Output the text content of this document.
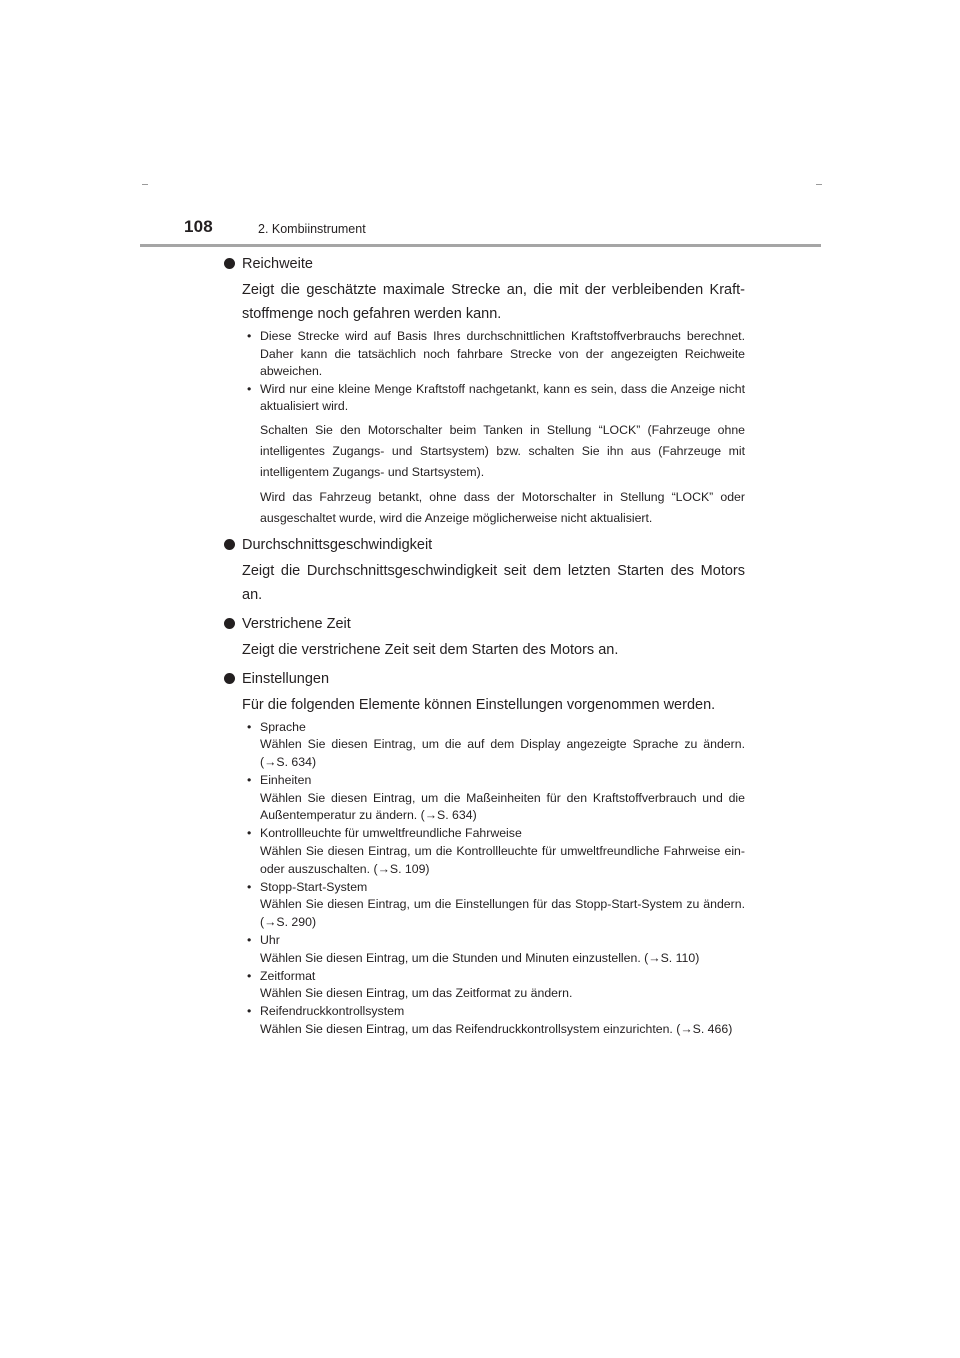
108	2. Kombiinstrument
Reichweite
Zeigt die geschätzte maximale Strecke an, die mit der verbleibenden Kraftstoffmenge noch gefahren werden kann.
• Diese Strecke wird auf Basis Ihres durchschnittlichen Kraftstoffverbrauchs berechnet. Daher kann die tatsächlich noch fahrbare Strecke von der angezeigten Reichweite abweichen.
• Wird nur eine kleine Menge Kraftstoff nachgetankt, kann es sein, dass die Anzeige nicht aktualisiert wird.
Schalten Sie den Motorschalter beim Tanken in Stellung “LOCK” (Fahrzeuge ohne intelligentes Zugangs- und Startsystem) bzw. schalten Sie ihn aus (Fahrzeuge mit intelligentem Zugangs- und Startsystem).
Wird das Fahrzeug betankt, ohne dass der Motorschalter in Stellung “LOCK” oder ausgeschaltet wurde, wird die Anzeige möglicherweise nicht aktualisiert.
Durchschnittsgeschwindigkeit
Zeigt die Durchschnittsgeschwindigkeit seit dem letzten Starten des Motors an.
Verstrichene Zeit
Zeigt die verstrichene Zeit seit dem Starten des Motors an.
Einstellungen
Für die folgenden Elemente können Einstellungen vorgenommen werden.
• Sprache
Wählen Sie diesen Eintrag, um die auf dem Display angezeigte Sprache zu ändern. (→S. 634)
• Einheiten
Wählen Sie diesen Eintrag, um die Maßeinheiten für den Kraftstoffverbrauch und die Außentemperatur zu ändern. (→S. 634)
• Kontrollleuchte für umweltfreundliche Fahrweise
Wählen Sie diesen Eintrag, um die Kontrollleuchte für umweltfreundliche Fahrweise ein- oder auszuschalten. (→S. 109)
• Stopp-Start-System
Wählen Sie diesen Eintrag, um die Einstellungen für das Stopp-Start-System zu ändern. (→S. 290)
• Uhr
Wählen Sie diesen Eintrag, um die Stunden und Minuten einzustellen. (→S. 110)
• Zeitformat
Wählen Sie diesen Eintrag, um das Zeitformat zu ändern.
• Reifendruckkontrollsystem
Wählen Sie diesen Eintrag, um das Reifendruckkontrollsystem einzurichten. (→S. 466)
